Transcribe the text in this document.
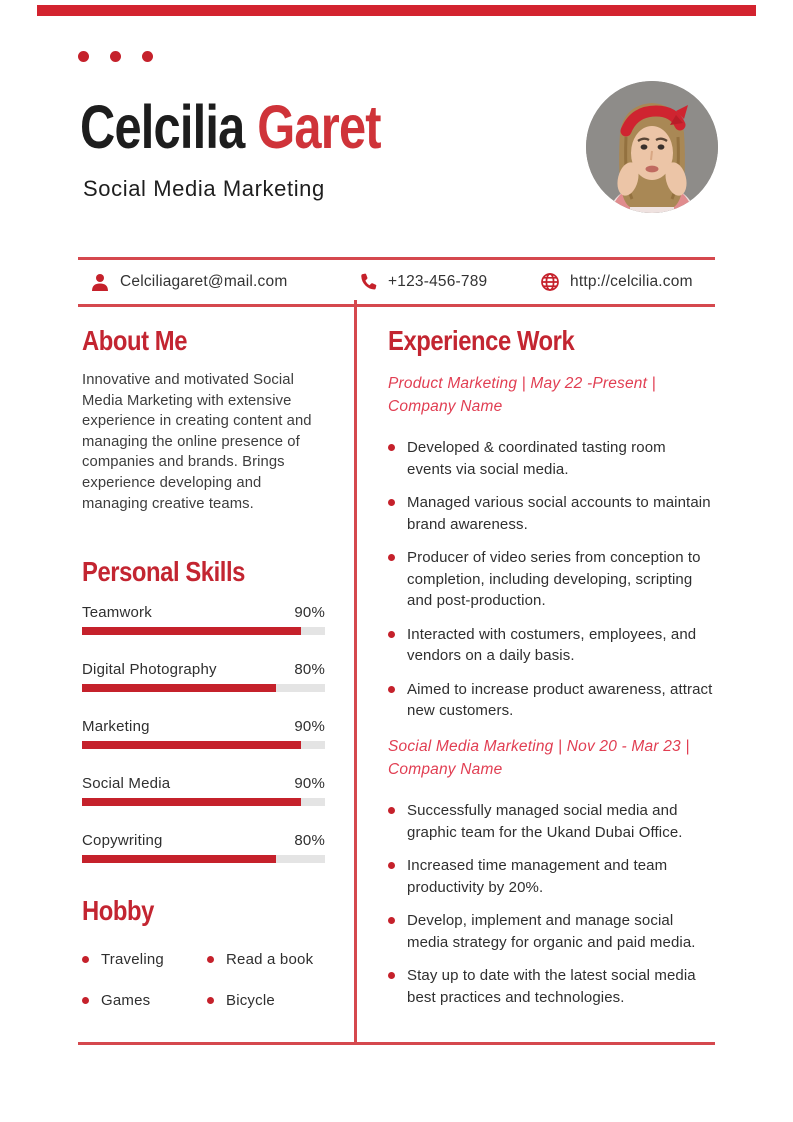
Celcilia Garet
Social Media Marketing
Celciliagaret@mail.com	+123-456-789	http://celcilia.com
About Me

Innovative and motivated Social Media Marketing with extensive experience in creating content and managing the online presence of companies and brands. Brings experience developing and managing creative teams.

Personal Skills
Teamwork	90%
Digital Photography	80%
Marketing	90%
Social Media	90%
Copywriting	80%
Hobby
Traveling	Read a book
Games	Bicycle
Experience Work

Product Marketing | May 22 -Present | Company Name

Developed & coordinated tasting room events via social media.
Managed various social accounts to maintain brand awareness.
Producer of video series from conception to completion, including developing, scripting and post-production.
Interacted with costumers, employees, and vendors on a daily basis.
Aimed to increase product awareness, attract new customers.

Social Media Marketing | Nov 20 - Mar 23 | Company Name

Successfully managed social media and graphic team for the Ukand Dubai Office.
Increased time management and team productivity by 20%.
Develop, implement and manage social media strategy for organic and paid media.
Stay up to date with the latest social media best practices and technologies.
